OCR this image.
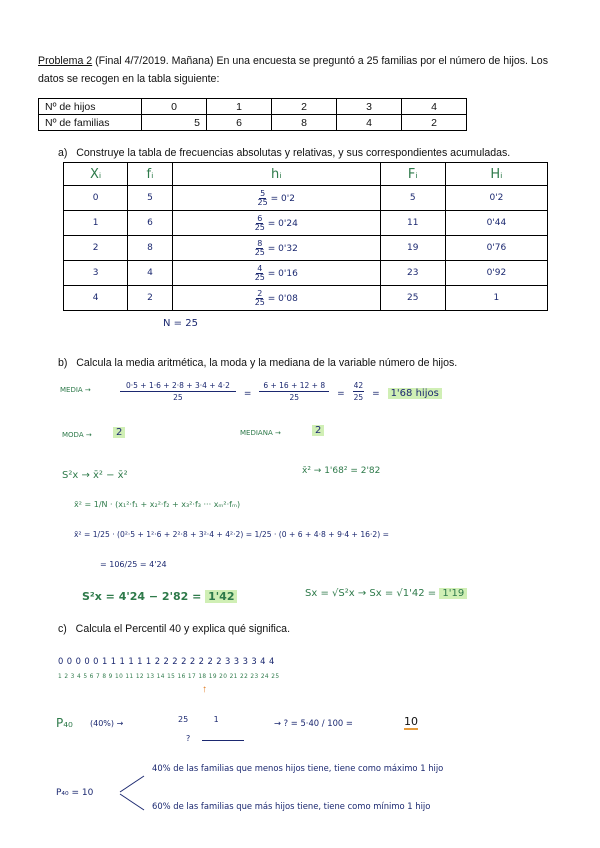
Problema 2 (Final 4/7/2019. Mañana) En una encuesta se preguntó a 25 familias por el número de hijos. Los
datos se recogen en la tabla siguiente:
Nº de hijos	0	1	2	3	4
Nº de familias	5	6	8	4	2
a) Construye la tabla de frecuencias absolutas y relativas, y sus correspondientes acumuladas.
Xᵢ	fᵢ	hᵢ	Fᵢ	Hᵢ
0	5	$\frac{5}{25} = 0'2$	5	0'2
1	6	$\frac{6}{25} = 0'24$	11	0'44
2	8	$\frac{8}{25} = 0'32$	19	0'76
3	4	$\frac{4}{25} = 0'16$	23	0'92
4	2	$\frac{2}{25} = 0'08$	25	1
N = 25
b) Calcula la media aritmética, la moda y la mediana de la variable número de hijos.
MEDIA →	$\frac{0\cdot 5 + 1\cdot 6 + 2\cdot 8 + 3\cdot 4 + 4\cdot 2}{25} = \frac{6 + 16 + 12 + 8}{25} = \frac{42}{25} = 1'68$ hijos
MODA →	2	MEDIANA →	2
S²x → x̄² − x̄²	x̄² → 1'68² = 2'82
x̄² = 1/N · (x₁²·f₁ + x₂²·f₂ + x₃²·f₃ ··· xₘ²·fₘ)
x̄² = 1/25 · (0²·5 + 1²·6 + 2²·8 + 3²·4 + 4²·2) = 1/25 · (0 + 6 + 4·8 + 9·4 + 16·2) =
= 106/25 = 4'24
S²x = 4'24 − 2'82 = 1'42	Sx = √S²x → Sx = √1'42 = 1'19
c) Calcula el Percentil 40 y explica qué significa.
0 0 0 0 0 1 1 1 1 1 1 2 2 2 2 2 2 2 2 3 3 3 3 4 4
1 2 3 4 5 6 7 8 9 10 11 12 13 14 15 16 17 18 19 20 21 22 23 24 25
↑
P₄₀ (40%) →	25          1
?
→ ? = 5·40 / 100 =	10
P₄₀ = 10
40% de las familias que menos hijos tiene, tiene como máximo 1 hijo
60% de las familias que más hijos tiene, tiene como mínimo 1 hijo
